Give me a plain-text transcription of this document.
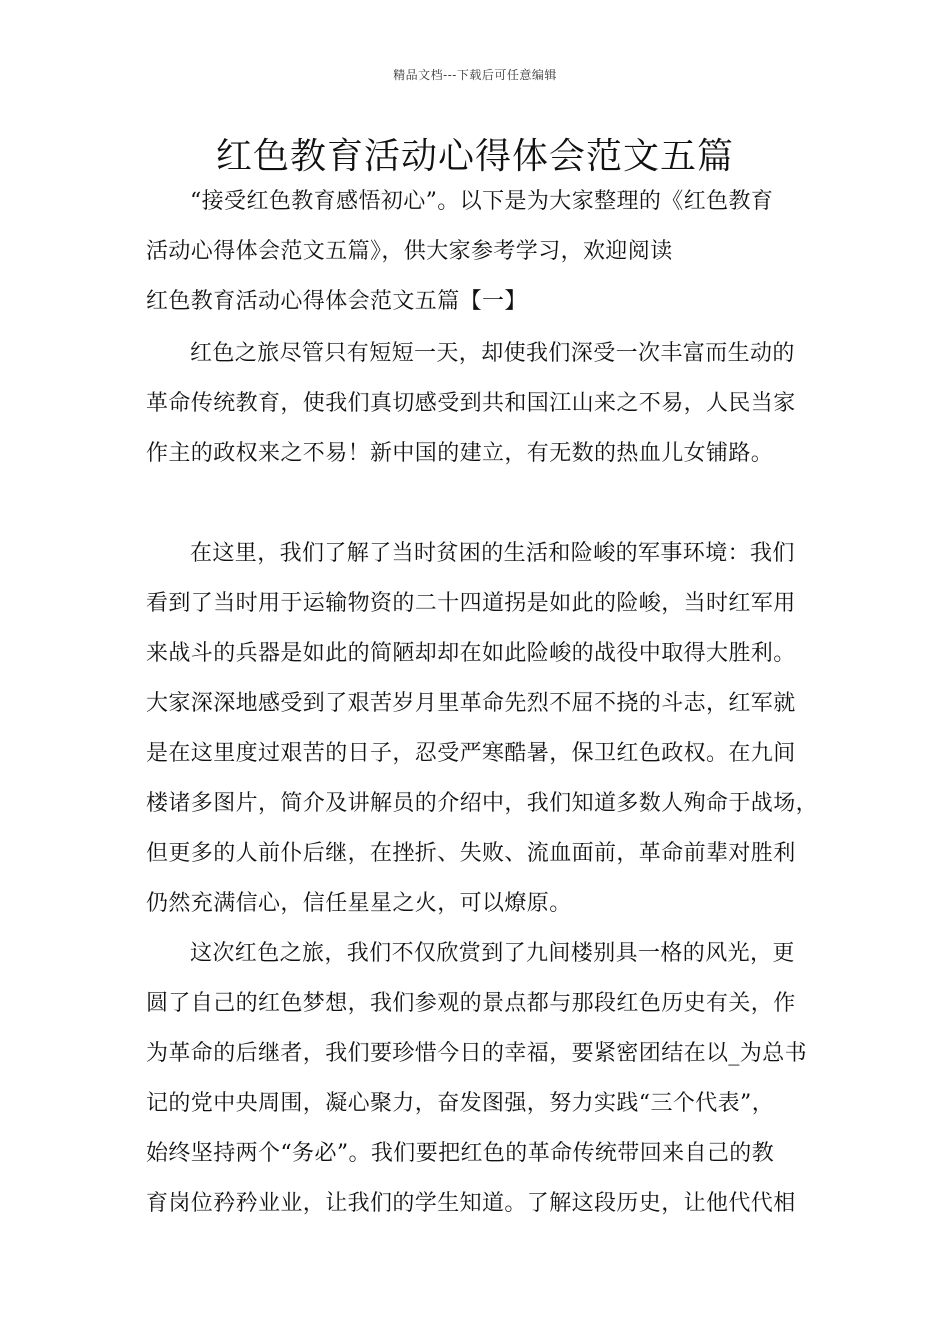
精品文档---下载后可任意编辑
红色教育活动心得体会范文五篇
“接受红色教育感悟初心”。以下是为大家整理的《红色教育
活动心得体会范文五篇》，供大家参考学习，欢迎阅读
红色教育活动心得体会范文五篇【一】
红色之旅尽管只有短短一天，却使我们深受一次丰富而生动的
革命传统教育，使我们真切感受到共和国江山来之不易，人民当家
作主的政权来之不易！新中国的建立，有无数的热血儿女铺路。
在这里，我们了解了当时贫困的生活和险峻的军事环境：我们
看到了当时用于运输物资的二十四道拐是如此的险峻，当时红军用
来战斗的兵器是如此的简陋却却在如此险峻的战役中取得大胜利。
大家深深地感受到了艰苦岁月里革命先烈不屈不挠的斗志，红军就
是在这里度过艰苦的日子，忍受严寒酷暑，保卫红色政权。在九间
楼诸多图片，简介及讲解员的介绍中，我们知道多数人殉命于战场，
但更多的人前仆后继，在挫折、失败、流血面前，革命前辈对胜利
仍然充满信心，信任星星之火，可以燎原。
这次红色之旅，我们不仅欣赏到了九间楼别具一格的风光，更
圆了自己的红色梦想，我们参观的景点都与那段红色历史有关，作
为革命的后继者，我们要珍惜今日的幸福，要紧密团结在以_为总书
记的党中央周围，凝心聚力，奋发图强，努力实践“三个代表”，
始终坚持两个“务必”。我们要把红色的革命传统带回来自己的教
育岗位矜矜业业，让我们的学生知道。了解这段历史，让他代代相
